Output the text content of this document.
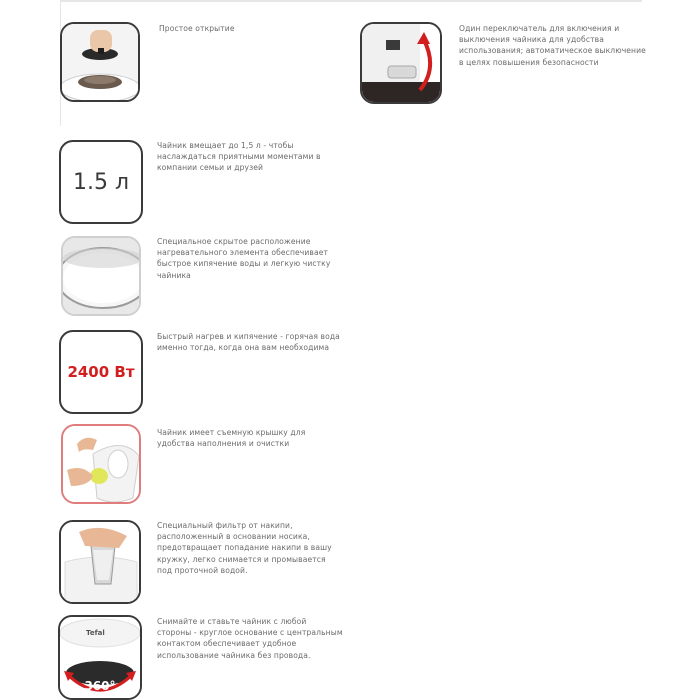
Простое открытие	Один переключатель для включения и выключения чайника для удобства использования; автоматическое выключение в целях повышения безопасности
1.5 л
Чайник вмещает до 1,5 л - чтобы наслаждаться приятными моментами в компании семьи и друзей
Специальное скрытое расположение нагревательного элемента обеспечивает быстрое кипячение воды и легкую чистку чайника
2400 Вт
Быстрый нагрев и кипячение - горячая вода именно тогда, когда она вам необходима
Чайник имеет съемную крышку для удобства наполнения и очистки
Специальный фильтр от накипи, расположенный в основании носика, предотвращает попадание накипи в вашу кружку, легко снимается и промывается под проточной водой.
Tefal
360°
Снимайте и ставьте чайник с любой стороны - круглое основание с центральным контактом обеспечивает удобное использование чайника без провода.
